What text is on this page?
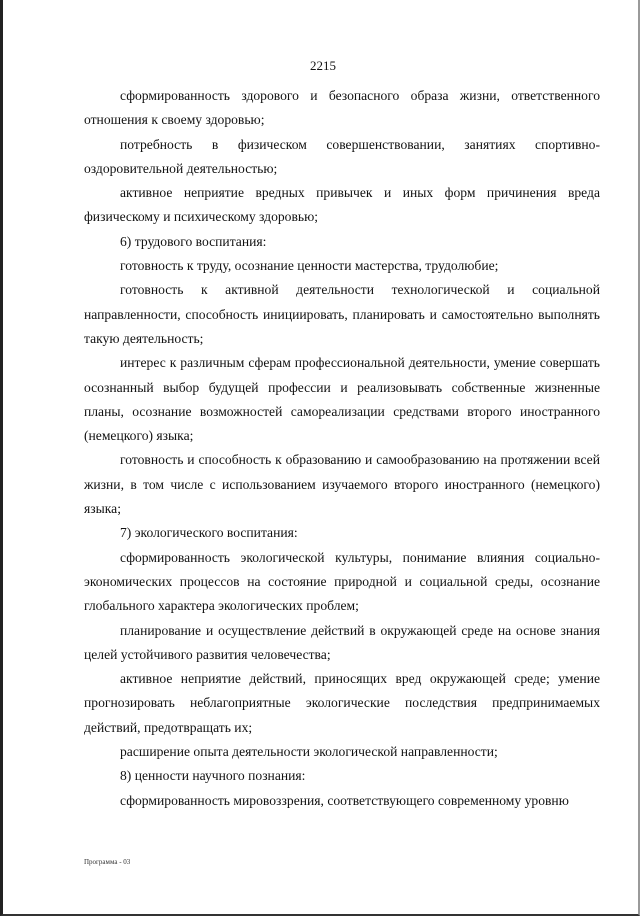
2215

сформированность здорового и безопасного образа жизни, ответственного отношения к своему здоровью;

потребность в физическом совершенствовании, занятиях спортивно-оздоровительной деятельностью;

активное неприятие вредных привычек и иных форм причинения вреда физическому и психическому здоровью;

6) трудового воспитания:

готовность к труду, осознание ценности мастерства, трудолюбие;

готовность к активной деятельности технологической и социальной направленности, способность инициировать, планировать и самостоятельно выполнять такую деятельность;

интерес к различным сферам профессиональной деятельности, умение совершать осознанный выбор будущей профессии и реализовывать собственные жизненные планы, осознание возможностей самореализации средствами второго иностранного (немецкого) языка;

готовность и способность к образованию и самообразованию на протяжении всей жизни, в том числе с использованием изучаемого второго иностранного (немецкого) языка;

7) экологического воспитания:

сформированность экологической культуры, понимание влияния социально-экономических процессов на состояние природной и социальной среды, осознание глобального характера экологических проблем;

планирование и осуществление действий в окружающей среде на основе знания целей устойчивого развития человечества;

активное неприятие действий, приносящих вред окружающей среде; умение прогнозировать неблагоприятные экологические последствия предпринимаемых действий, предотвращать их;

расширение опыта деятельности экологической направленности;

8) ценности научного познания:

сформированность мировоззрения, соответствующего современному уровню

Программа - 03
